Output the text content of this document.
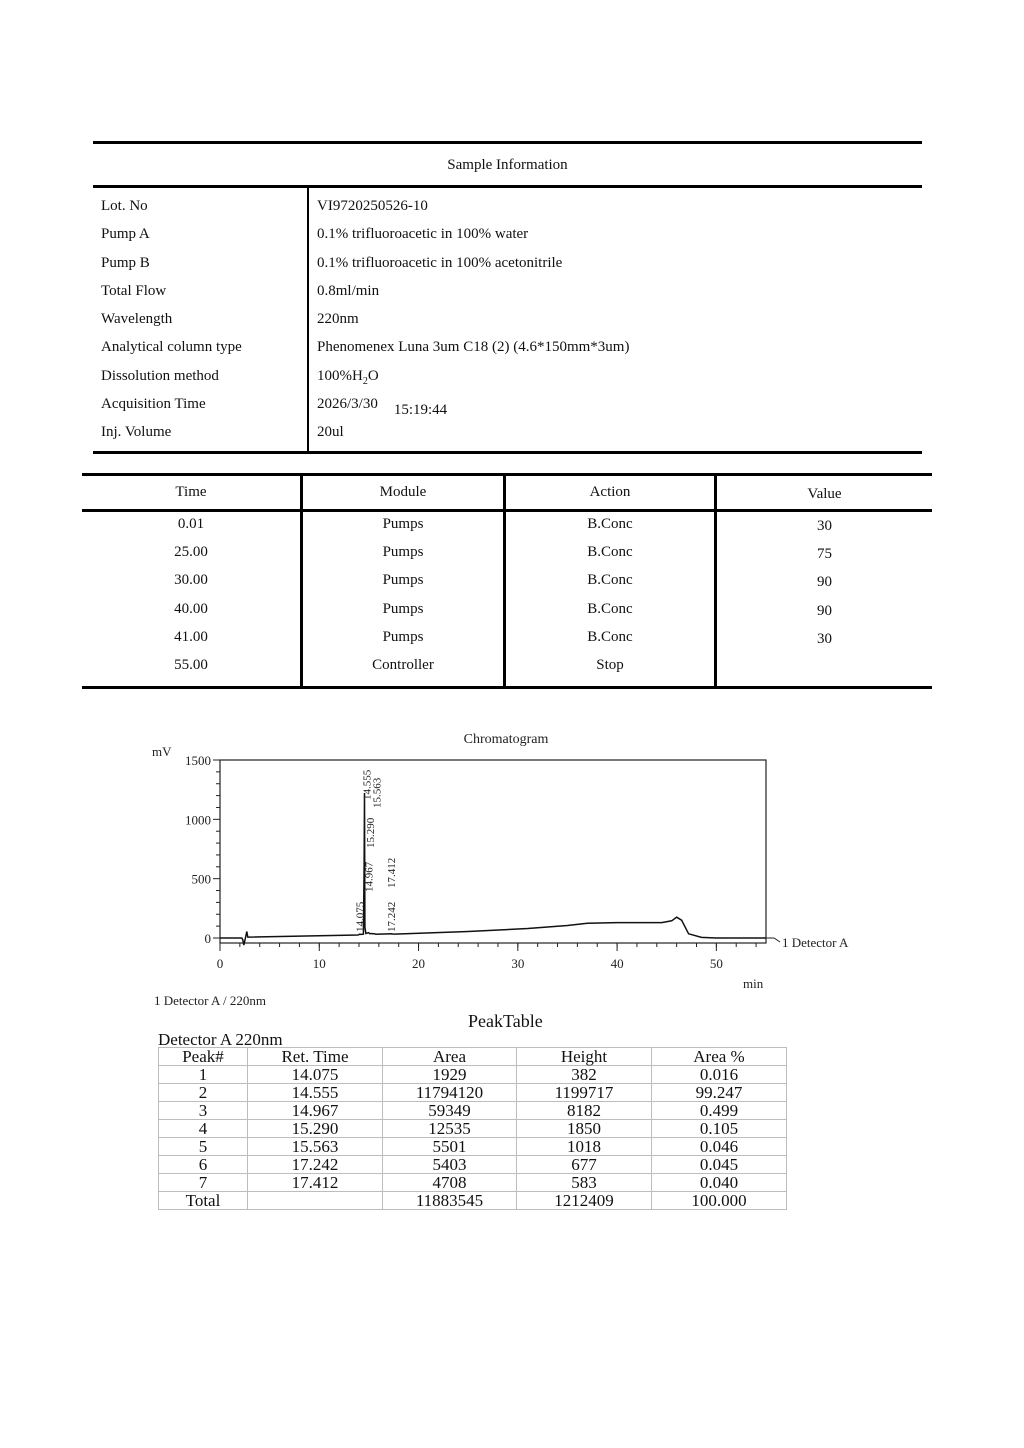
Sample Information
Lot. No	VI9720250526-10
Pump A	0.1% trifluoroacetic in 100% water
Pump B	0.1% trifluoroacetic in 100% acetonitrile
Total Flow	0.8ml/min
Wavelength	220nm
Analytical column type	Phenomenex Luna 3um C18 (2) (4.6*150mm*3um)
Dissolution method	$100\%H_2O$
Acquisition Time	2026/3/30 15:19:44
Inj. Volume	20ul
Time	Module	Action	Value
0.01	Pumps	B.Conc	30
25.00	Pumps	B.Conc	75
30.00	Pumps	B.Conc	90
40.00	Pumps	B.Conc	90
41.00	Pumps	B.Conc	30
55.00	Controller	Stop
Chromatogram
mV
min
0
500
1000
1500
0	10	20	30	40	50
14.075
14.555
14.967
15.290
15.563
17.242
17.412
1 Detector A
1 Detector A / 220nm
PeakTable
Detector A 220nm
Peak#	Ret. Time	Area	Height	Area %
1	14.075	1929	382	0.016
2	14.555	11794120	1199717	99.247
3	14.967	59349	8182	0.499
4	15.290	12535	1850	0.105
5	15.563	5501	1018	0.046
6	17.242	5403	677	0.045
7	17.412	4708	583	0.040
Total		11883545	1212409	100.000
